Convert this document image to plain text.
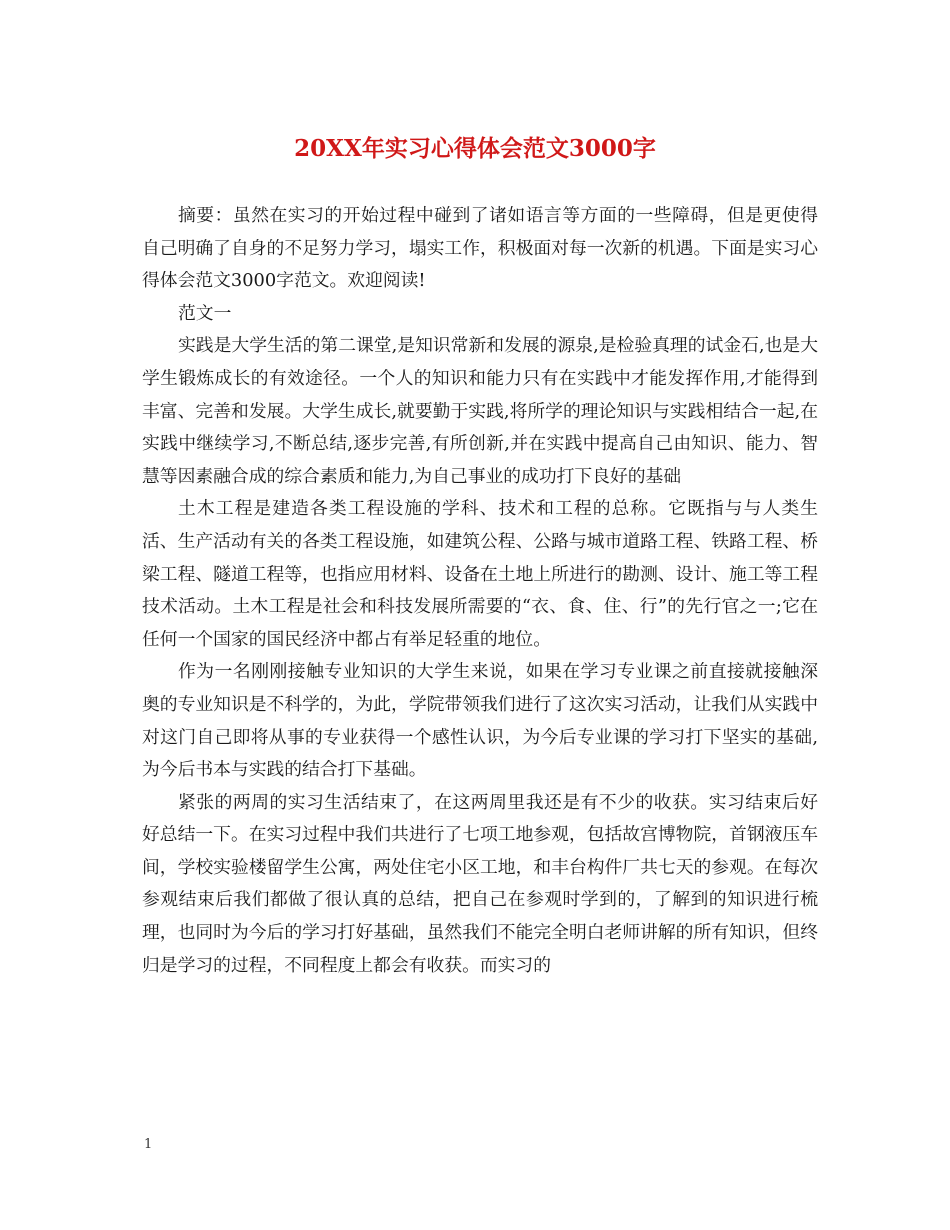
20XX年实习心得体会范文3000字

摘要：虽然在实习的开始过程中碰到了诸如语言等方面的一些障碍，但是更使得自己明确了自身的不足努力学习，塌实工作，积极面对每一次新的机遇。下面是实习心得体会范文3000字范文。欢迎阅读!

范文一

实践是大学生活的第二课堂,是知识常新和发展的源泉,是检验真理的试金石,也是大学生锻炼成长的有效途径。一个人的知识和能力只有在实践中才能发挥作用,才能得到丰富、完善和发展。大学生成长,就要勤于实践,将所学的理论知识与实践相结合一起,在实践中继续学习,不断总结,逐步完善,有所创新,并在实践中提高自己由知识、能力、智慧等因素融合成的综合素质和能力,为自己事业的成功打下良好的基础

土木工程是建造各类工程设施的学科、技术和工程的总称。它既指与与人类生活、生产活动有关的各类工程设施，如建筑公程、公路与城市道路工程、铁路工程、桥梁工程、隧道工程等，也指应用材料、设备在土地上所进行的勘测、设计、施工等工程技术活动。土木工程是社会和科技发展所需要的“衣、食、住、行”的先行官之一;它在任何一个国家的国民经济中都占有举足轻重的地位。

作为一名刚刚接触专业知识的大学生来说，如果在学习专业课之前直接就接触深奥的专业知识是不科学的，为此，学院带领我们进行了这次实习活动，让我们从实践中对这门自己即将从事的专业获得一个感性认识，为今后专业课的学习打下坚实的基础,为今后书本与实践的结合打下基础。

紧张的两周的实习生活结束了，在这两周里我还是有不少的收获。实习结束后好好总结一下。在实习过程中我们共进行了七项工地参观，包括故宫博物院，首钢液压车间，学校实验楼留学生公寓，两处住宅小区工地，和丰台构件厂共七天的参观。在每次参观结束后我们都做了很认真的总结，把自己在参观时学到的，了解到的知识进行梳理，也同时为今后的学习打好基础，虽然我们不能完全明白老师讲解的所有知识，但终归是学习的过程，不同程度上都会有收获。而实习的

1
